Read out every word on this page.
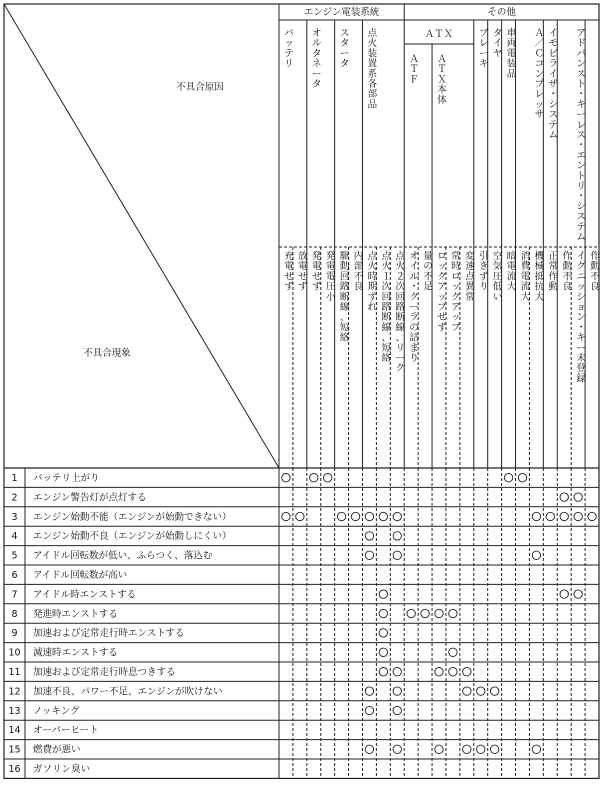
不具合原因
不具合現象
エンジン電装系統	その他
ＡＴＸ
バッテリ
充電せず
放電せず
オルタネータ
発電せず
発電電圧小
スタータ
駆動回路断線、短絡
内部不良
点火装置系各部品
点火時期ずれ
点火１次回路断線、短絡
点火２次回路断線、リーク
ＡＴＦ
オイル・クーラの詰まり
量の不足
ＡＴＸ本体
ロックアップせず
常時ロックアップ
変速点異常
ブレーキ
引きずり
タイヤ
空気圧低い
車両電装品
暗電流大
消費電流大
Ａ／Ｃコンプレッサ
機械抵抗大
イモビライザ・システム
正常作動
作動不良
アドバンスト・キーレス・エントリ・システム
イグニッション・キー未登録
作動不良
1 バッテリ上がり
2 エンジン警告灯が点灯する
3 エンジン始動不能（エンジンが始動できない）
4 エンジン始動不良（エンジンが始動しにくい）
5 アイドル回転数が低い、ふらつく、落込む
6 アイドル回転数が高い
7 アイドル時エンストする
8 発進時エンストする
9 加速および定常走行時エンストする
10 減速時エンストする
11 加速および定常走行時息つきする
12 加速不良、パワー不足、エンジンが吹けない
13 ノッキング
14 オーバーヒート
15 燃費が悪い
16 ガソリン臭い
